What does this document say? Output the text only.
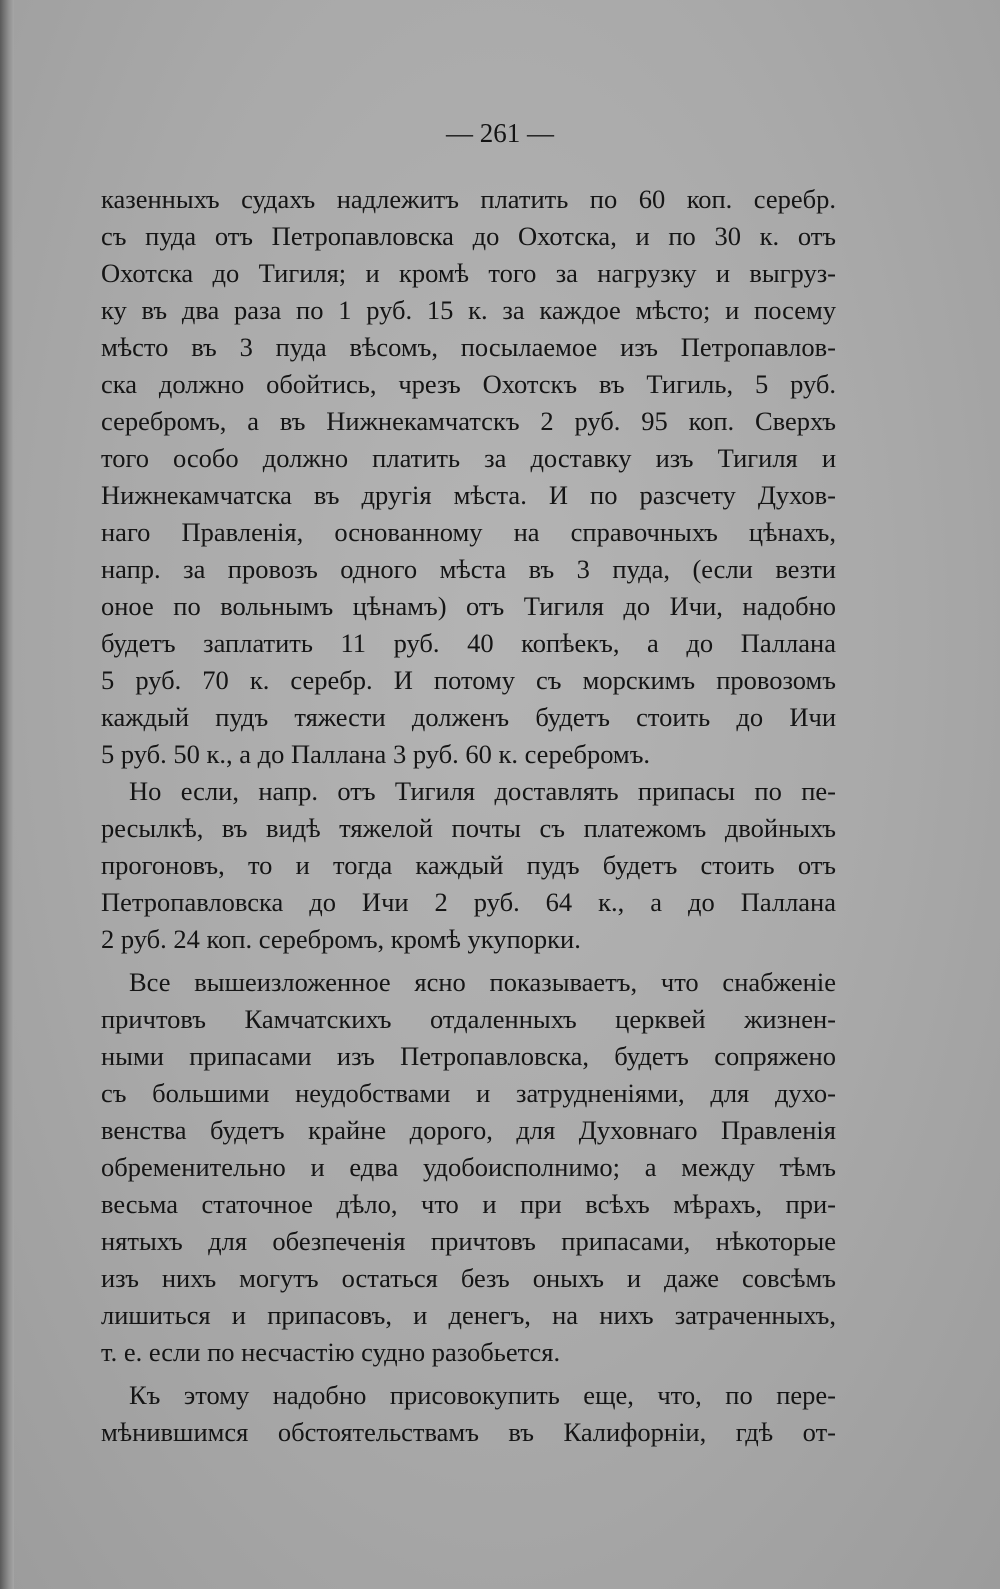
— 261 —
казенныхъ судахъ надлежитъ платить по 60 коп. серебр.
съ пуда отъ Петропавловска до Охотска, и по 30 к. отъ
Охотска до Тигиля; и кромѣ того за нагрузку и выгруз-
ку въ два раза по 1 руб. 15 к. за каждое мѣсто; и посему
мѣсто въ 3 пуда вѣсомъ, посылаемое изъ Петропавлов-
ска должно обойтись, чрезъ Охотскъ въ Тигиль, 5 руб.
серебромъ, а въ Нижнекамчатскъ 2 руб. 95 коп. Сверхъ
того особо должно платить за доставку изъ Тигиля и
Нижнекамчатска въ другія мѣста. И по разсчету Духов-
наго Правленія, основанному на справочныхъ цѣнахъ,
напр. за провозъ одного мѣста въ 3 пуда, (если везти
оное по вольнымъ цѣнамъ) отъ Тигиля до Ичи, надобно
будетъ заплатить 11 руб. 40 копѣекъ, а до Паллана
5 руб. 70 к. серебр. И потому съ морскимъ провозомъ
каждый пудъ тяжести долженъ будетъ стоить до Ичи
5 руб. 50 к., а до Паллана 3 руб. 60 к. серебромъ.
Но если, напр. отъ Тигиля доставлять припасы по пе-
ресылкѣ, въ видѣ тяжелой почты съ платежомъ двойныхъ
прогоновъ, то и тогда каждый пудъ будетъ стоить отъ
Петропавловска до Ичи 2 руб. 64 к., а до Паллана
2 руб. 24 коп. серебромъ, кромѣ укупорки.
Все вышеизложенное ясно показываетъ, что снабженіе
причтовъ Камчатскихъ отдаленныхъ церквей жизнен-
ными припасами изъ Петропавловска, будетъ сопряжено
съ большими неудобствами и затрудненіями, для духо-
венства будетъ крайне дорого, для Духовнаго Правленія
обременительно и едва удобоисполнимо; а между тѣмъ
весьма статочное дѣло, что и при всѣхъ мѣрахъ, при-
нятыхъ для обезпеченія причтовъ припасами, нѣкоторые
изъ нихъ могутъ остаться безъ оныхъ и даже совсѣмъ
лишиться и припасовъ, и денегъ, на нихъ затраченныхъ,
т. е. если по несчастію судно разобьется.
Къ этому надобно присовокупить еще, что, по пере-
мѣнившимся обстоятельствамъ въ Калифорніи, гдѣ от-
